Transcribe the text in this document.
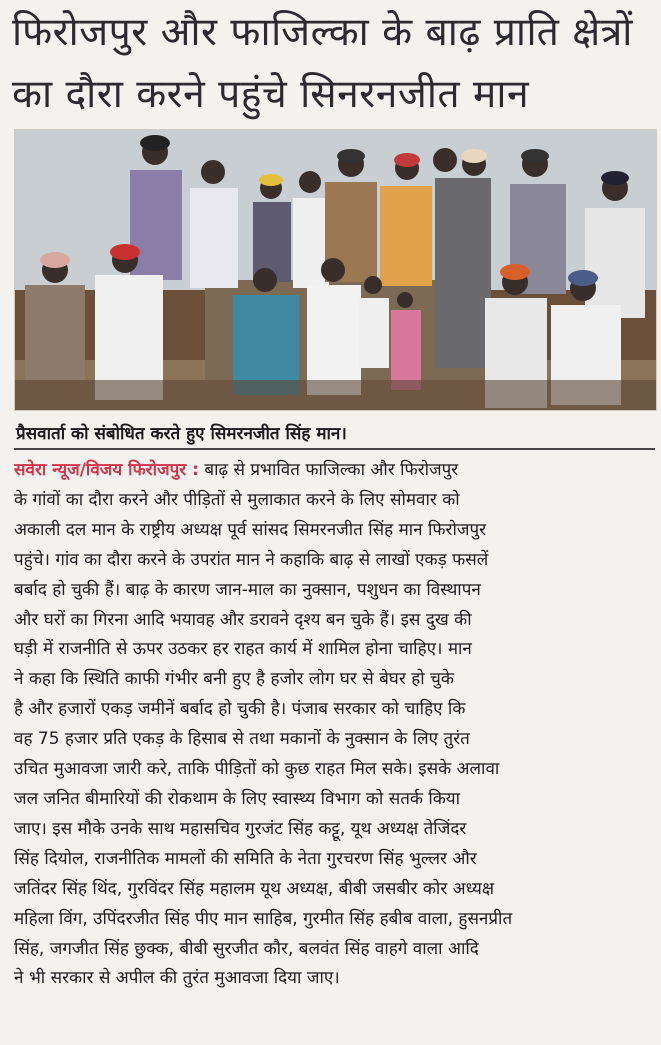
फिरोजपुर और फाजिल्का के बाढ़ प्राति क्षेत्रों
का दौरा करने पहुंचे सिनरनजीत मान
प्रैसवार्ता को संबोधित करते हुए सिमरनजीत सिंह मान।
सवेरा न्यूज/विजय फिरोजपुर : बाढ़ से प्रभावित फाजिल्का और फिरोजपुर
के गांवों का दौरा करने और पीड़ितों से मुलाकात करने के लिए सोमवार को
अकाली दल मान के राष्ट्रीय अध्यक्ष पूर्व सांसद सिमरनजीत सिंह मान फिरोजपुर
पहुंचे। गांव का दौरा करने के उपरांत मान ने कहाकि बाढ़ से लाखों एकड़ फसलें
बर्बाद हो चुकी हैं। बाढ़ के कारण जान-माल का नुक्सान, पशुधन का विस्थापन
और घरों का गिरना आदि भयावह और डरावने दृश्य बन चुके हैं। इस दुख की
घड़ी में राजनीति से ऊपर उठकर हर राहत कार्य में शामिल होना चाहिए। मान
ने कहा कि स्थिति काफी गंभीर बनी हुए है हजोर लोग घर से बेघर हो चुके
है और हजारों एकड़ जमीनें बर्बाद हो चुकी है। पंजाब सरकार को चाहिए कि
वह 75 हजार प्रति एकड़ के हिसाब से तथा मकानों के नुक्सान के लिए तुरंत
उचित मुआवजा जारी करे, ताकि पीड़ितों को कुछ राहत मिल सके। इसके अलावा
जल जनित बीमारियों की रोकथाम के लिए स्वास्थ्य विभाग को सतर्क किया
जाए। इस मौके उनके साथ महासचिव गुरजंट सिंह कट्टू, यूथ अध्यक्ष तेजिंदर
सिंह दियोल, राजनीतिक मामलों की समिति के नेता गुरचरण सिंह भुल्लर और
जतिंदर सिंह थिंद, गुरविंदर सिंह महालम यूथ अध्यक्ष, बीबी जसबीर कोर अध्यक्ष
महिला विंग, उपिंदरजीत सिंह पीए मान साहिब, गुरमीत सिंह हबीब वाला, हुसनप्रीत
सिंह, जगजीत सिंह छुक्क, बीबी सुरजीत कौर, बलवंत सिंह वाहगे वाला आदि
ने भी सरकार से अपील की तुरंत मुआवजा दिया जाए।
